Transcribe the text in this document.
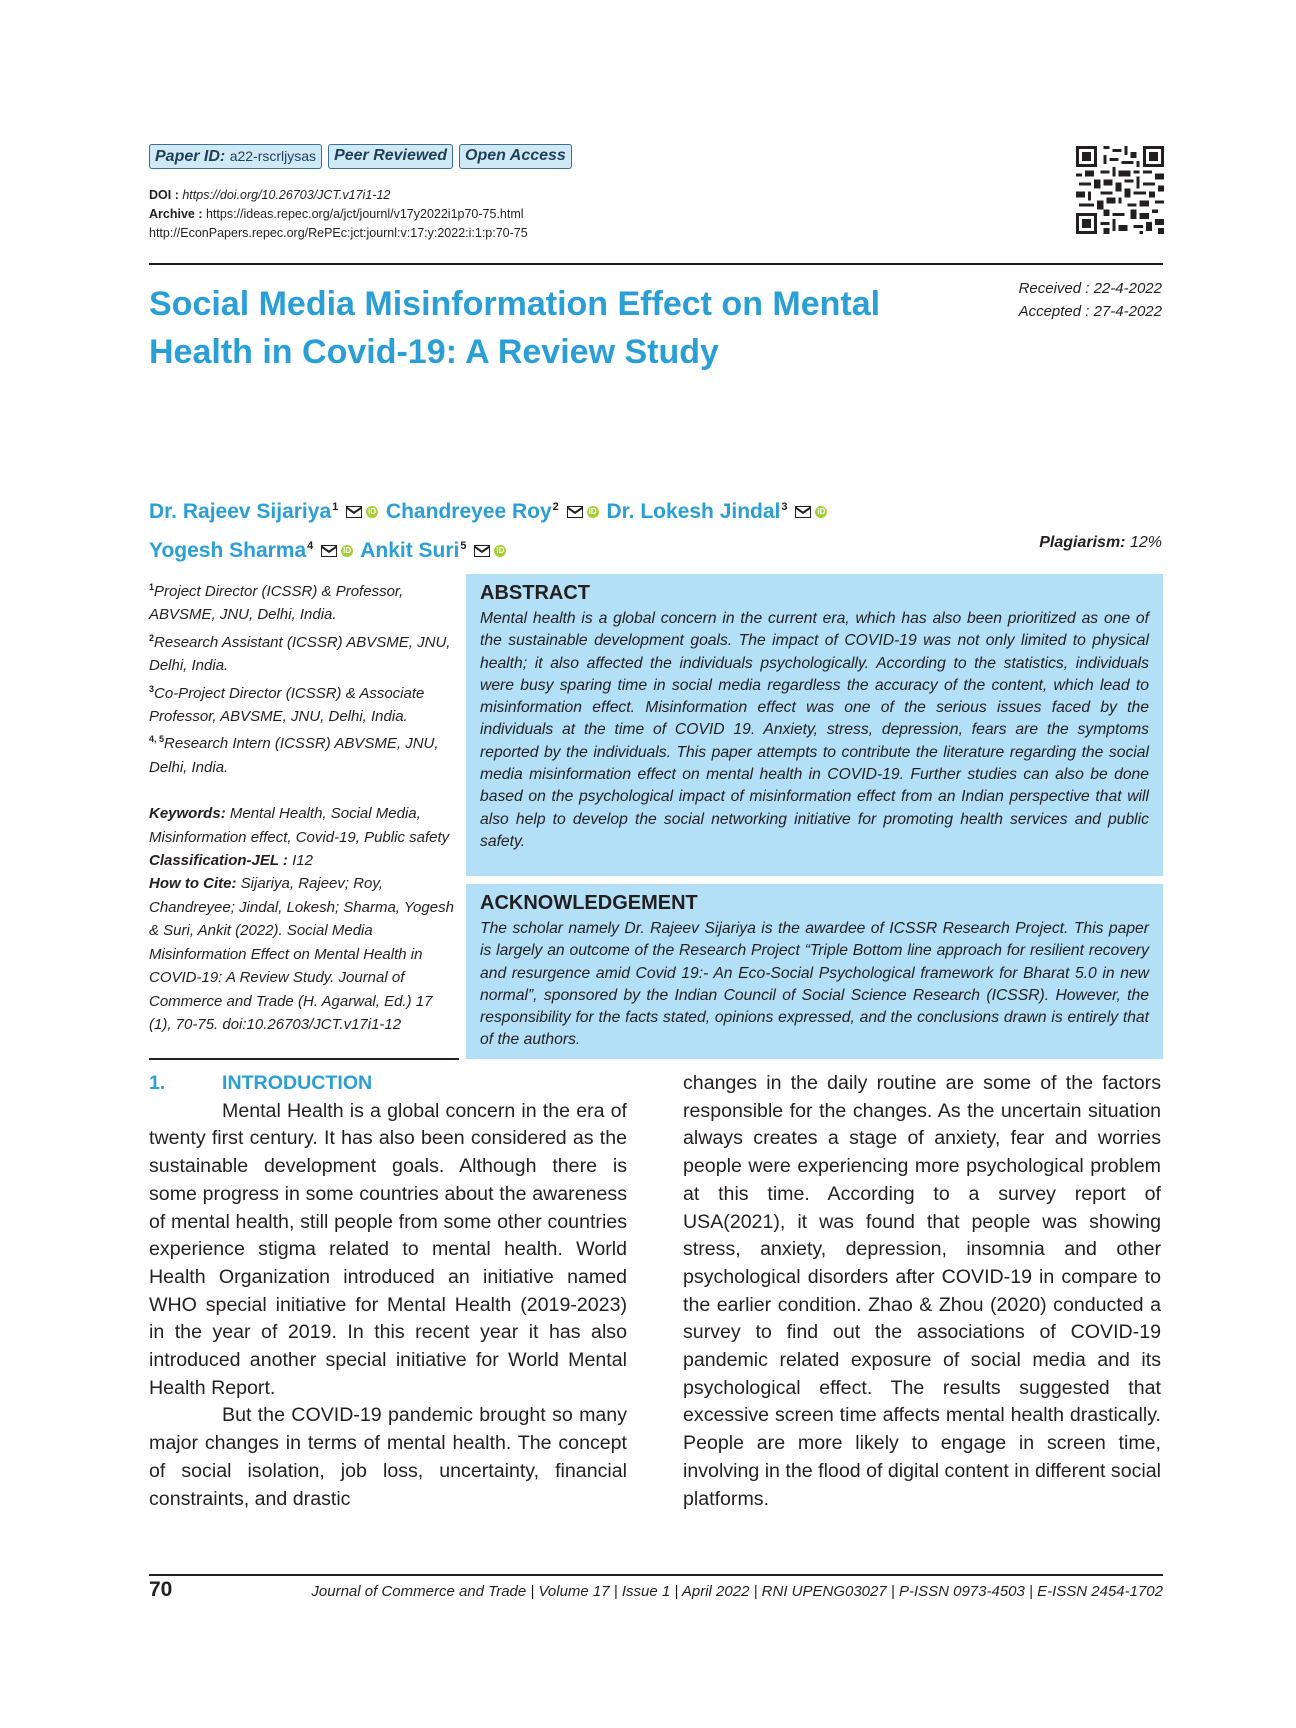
Paper ID: a22-rscrljysas	Peer Reviewed	Open Access
DOI : https://doi.org/10.26703/JCT.v17i1-12
Archive : https://ideas.repec.org/a/jct/journl/v17y2022i1p70-75.html
http://EconPapers.repec.org/RePEc:jct:journl:v:17:y:2022:i:1:p:70-75
Social Media Misinformation Effect on Mental Health in Covid-19: A Review Study
Received : 22-4-2022
Accepted : 27-4-2022
Dr. Rajeev Sijariya$^1$	iD Chandreyee Roy$^2$	iD Dr. Lokesh Jindal$^3$	iD
Yogesh Sharma$^4$	iD Ankit Suri$^5$	iD	Plagiarism: 12%
$^1$Project Director (ICSSR) & Professor, ABVSME, JNU, Delhi, India.
$^2$Research Assistant (ICSSR) ABVSME, JNU, Delhi, India.
$^3$Co-Project Director (ICSSR) & Associate Professor, ABVSME, JNU, Delhi, India.
$^{4, 5}$Research Intern (ICSSR) ABVSME, JNU, Delhi, India.
Keywords: Mental Health, Social Media, Misinformation effect, Covid-19, Public safety
Classification-JEL : I12
How to Cite: Sijariya, Rajeev; Roy, Chandreyee; Jindal, Lokesh; Sharma, Yogesh & Suri, Ankit (2022). Social Media Misinformation Effect on Mental Health in COVID-19: A Review Study. Journal of Commerce and Trade (H. Agarwal, Ed.) 17 (1), 70-75. doi:10.26703/JCT.v17i1-12
ABSTRACT

Mental health is a global concern in the current era, which has also been prioritized as one of the sustainable development goals. The impact of COVID-19 was not only limited to physical health; it also affected the individuals psychologically. According to the statistics, individuals were busy sparing time in social media regardless the accuracy of the content, which lead to misinformation effect. Misinformation effect was one of the serious issues faced by the individuals at the time of COVID 19. Anxiety, stress, depression, fears are the symptoms reported by the individuals. This paper attempts to contribute the literature regarding the social media misinformation effect on mental health in COVID-19. Further studies can also be done based on the psychological impact of misinformation effect from an Indian perspective that will also help to develop the social networking initiative for promoting health services and public safety.

ACKNOWLEDGEMENT

The scholar namely Dr. Rajeev Sijariya is the awardee of ICSSR Research Project. This paper is largely an outcome of the Research Project “Triple Bottom line approach for resilient recovery and resurgence amid Covid 19:- An Eco-Social Psychological framework for Bharat 5.0 in new normal”, sponsored by the Indian Council of Social Science Research (ICSSR). However, the responsibility for the facts stated, opinions expressed, and the conclusions drawn is entirely that of the authors.

1.	INTRODUCTION

Mental Health is a global concern in the era of twenty first century. It has also been considered as the sustainable development goals. Although there is some progress in some countries about the awareness of mental health, still people from some other countries experience stigma related to mental health. World Health Organization introduced an initiative named WHO special initiative for Mental Health (2019-2023) in the year of 2019. In this recent year it has also introduced another special initiative for World Mental Health Report.

But the COVID-19 pandemic brought so many major changes in terms of mental health. The concept of social isolation, job loss, uncertainty, financial constraints, and drastic

changes in the daily routine are some of the factors responsible for the changes. As the uncertain situation always creates a stage of anxiety, fear and worries people were experiencing more psychological problem at this time. According to a survey report of USA(2021), it was found that people was showing stress, anxiety, depression, insomnia and other psychological disorders after COVID-19 in compare to the earlier condition. Zhao & Zhou (2020) conducted a survey to find out the associations of COVID-19 pandemic related exposure of social media and its psychological effect. The results suggested that excessive screen time affects mental health drastically. People are more likely to engage in screen time, involving in the flood of digital content in different social platforms.

70	Journal of Commerce and Trade | Volume 17 | Issue 1 | April 2022 | RNI UPENG03027 | P-ISSN 0973-4503 | E-ISSN 2454-1702
